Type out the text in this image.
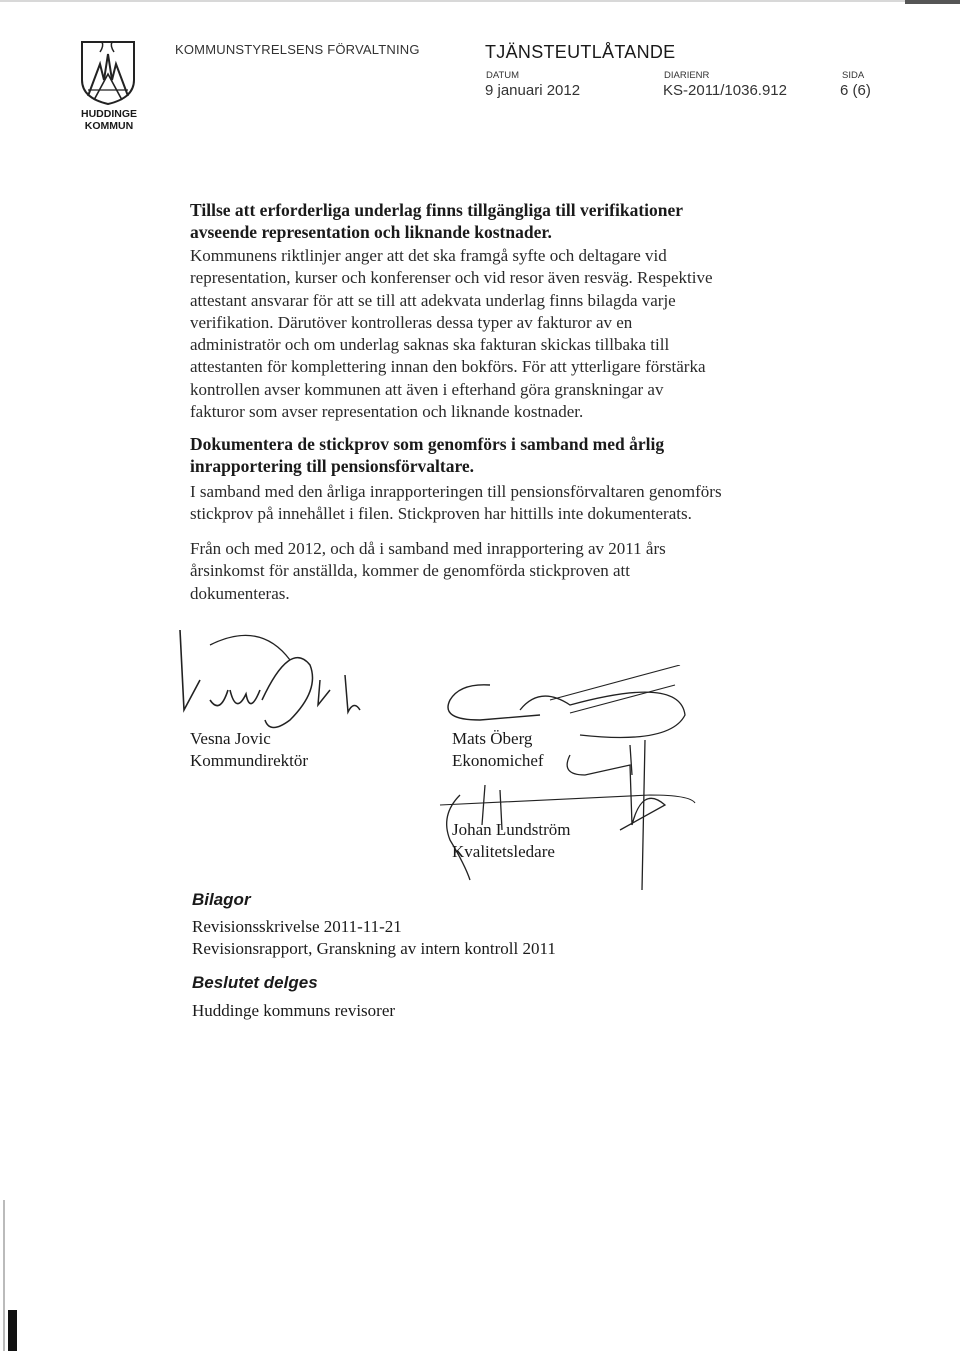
HUDDINGE
KOMMUN
KOMMUNSTYRELSENS FÖRVALTNING	TJÄNSTEUTLÅTANDE
DATUM
9 januari 2012
DIARIENR
KS-2011/1036.912
SIDA
6 (6)
Tillse att erforderliga underlag finns tillgängliga till verifikationer
avseende representation och liknande kostnader.
Kommunens riktlinjer anger att det ska framgå syfte och deltagare vid
representation, kurser och konferenser och vid resor även resväg. Respektive
attestant ansvarar för att se till att adekvata underlag finns bilagda varje
verifikation. Därutöver kontrolleras dessa typer av fakturor av en
administratör och om underlag saknas ska fakturan skickas tillbaka till
attestanten för komplettering innan den bokförs. För att ytterligare förstärka
kontrollen avser kommunen att även i efterhand göra granskningar av
fakturor som avser representation och liknande kostnader.
Dokumentera de stickprov som genomförs i samband med årlig
inrapportering till pensionsförvaltare.
I samband med den årliga inrapporteringen till pensionsförvaltaren genomförs
stickprov på innehållet i filen. Stickproven har hittills inte dokumenterats.
Från och med 2012, och då i samband med inrapportering av 2011 års
årsinkomst för anställda, kommer de genomförda stickproven att
dokumenteras.
Vesna Jovic
Kommundirektör
Mats Öberg
Ekonomichef
Johan Lundström
Kvalitetsledare
Bilagor
Revisionsskrivelse 2011-11-21
Revisionsrapport, Granskning av intern kontroll 2011
Beslutet delges
Huddinge kommuns revisorer
